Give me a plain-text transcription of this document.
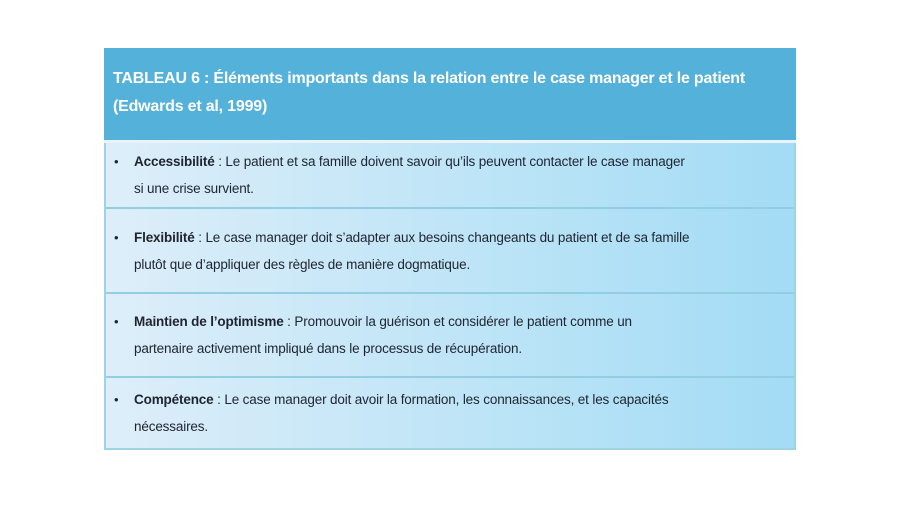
TABLEAU 6 : Éléments importants dans la relation entre le case manager et le patient
(Edwards et al, 1999)
•	Accessibilité : Le patient et sa famille doivent savoir qu’ils peuvent contacter le case manager
si une crise survient.
•	Flexibilité : Le case manager doit s’adapter aux besoins changeants du patient et de sa famille
plutôt que d’appliquer des règles de manière dogmatique.
•	Maintien de l’optimisme : Promouvoir la guérison et considérer le patient comme un
partenaire activement impliqué dans le processus de récupération.
•	Compétence : Le case manager doit avoir la formation, les connaissances, et les capacités
nécessaires.
